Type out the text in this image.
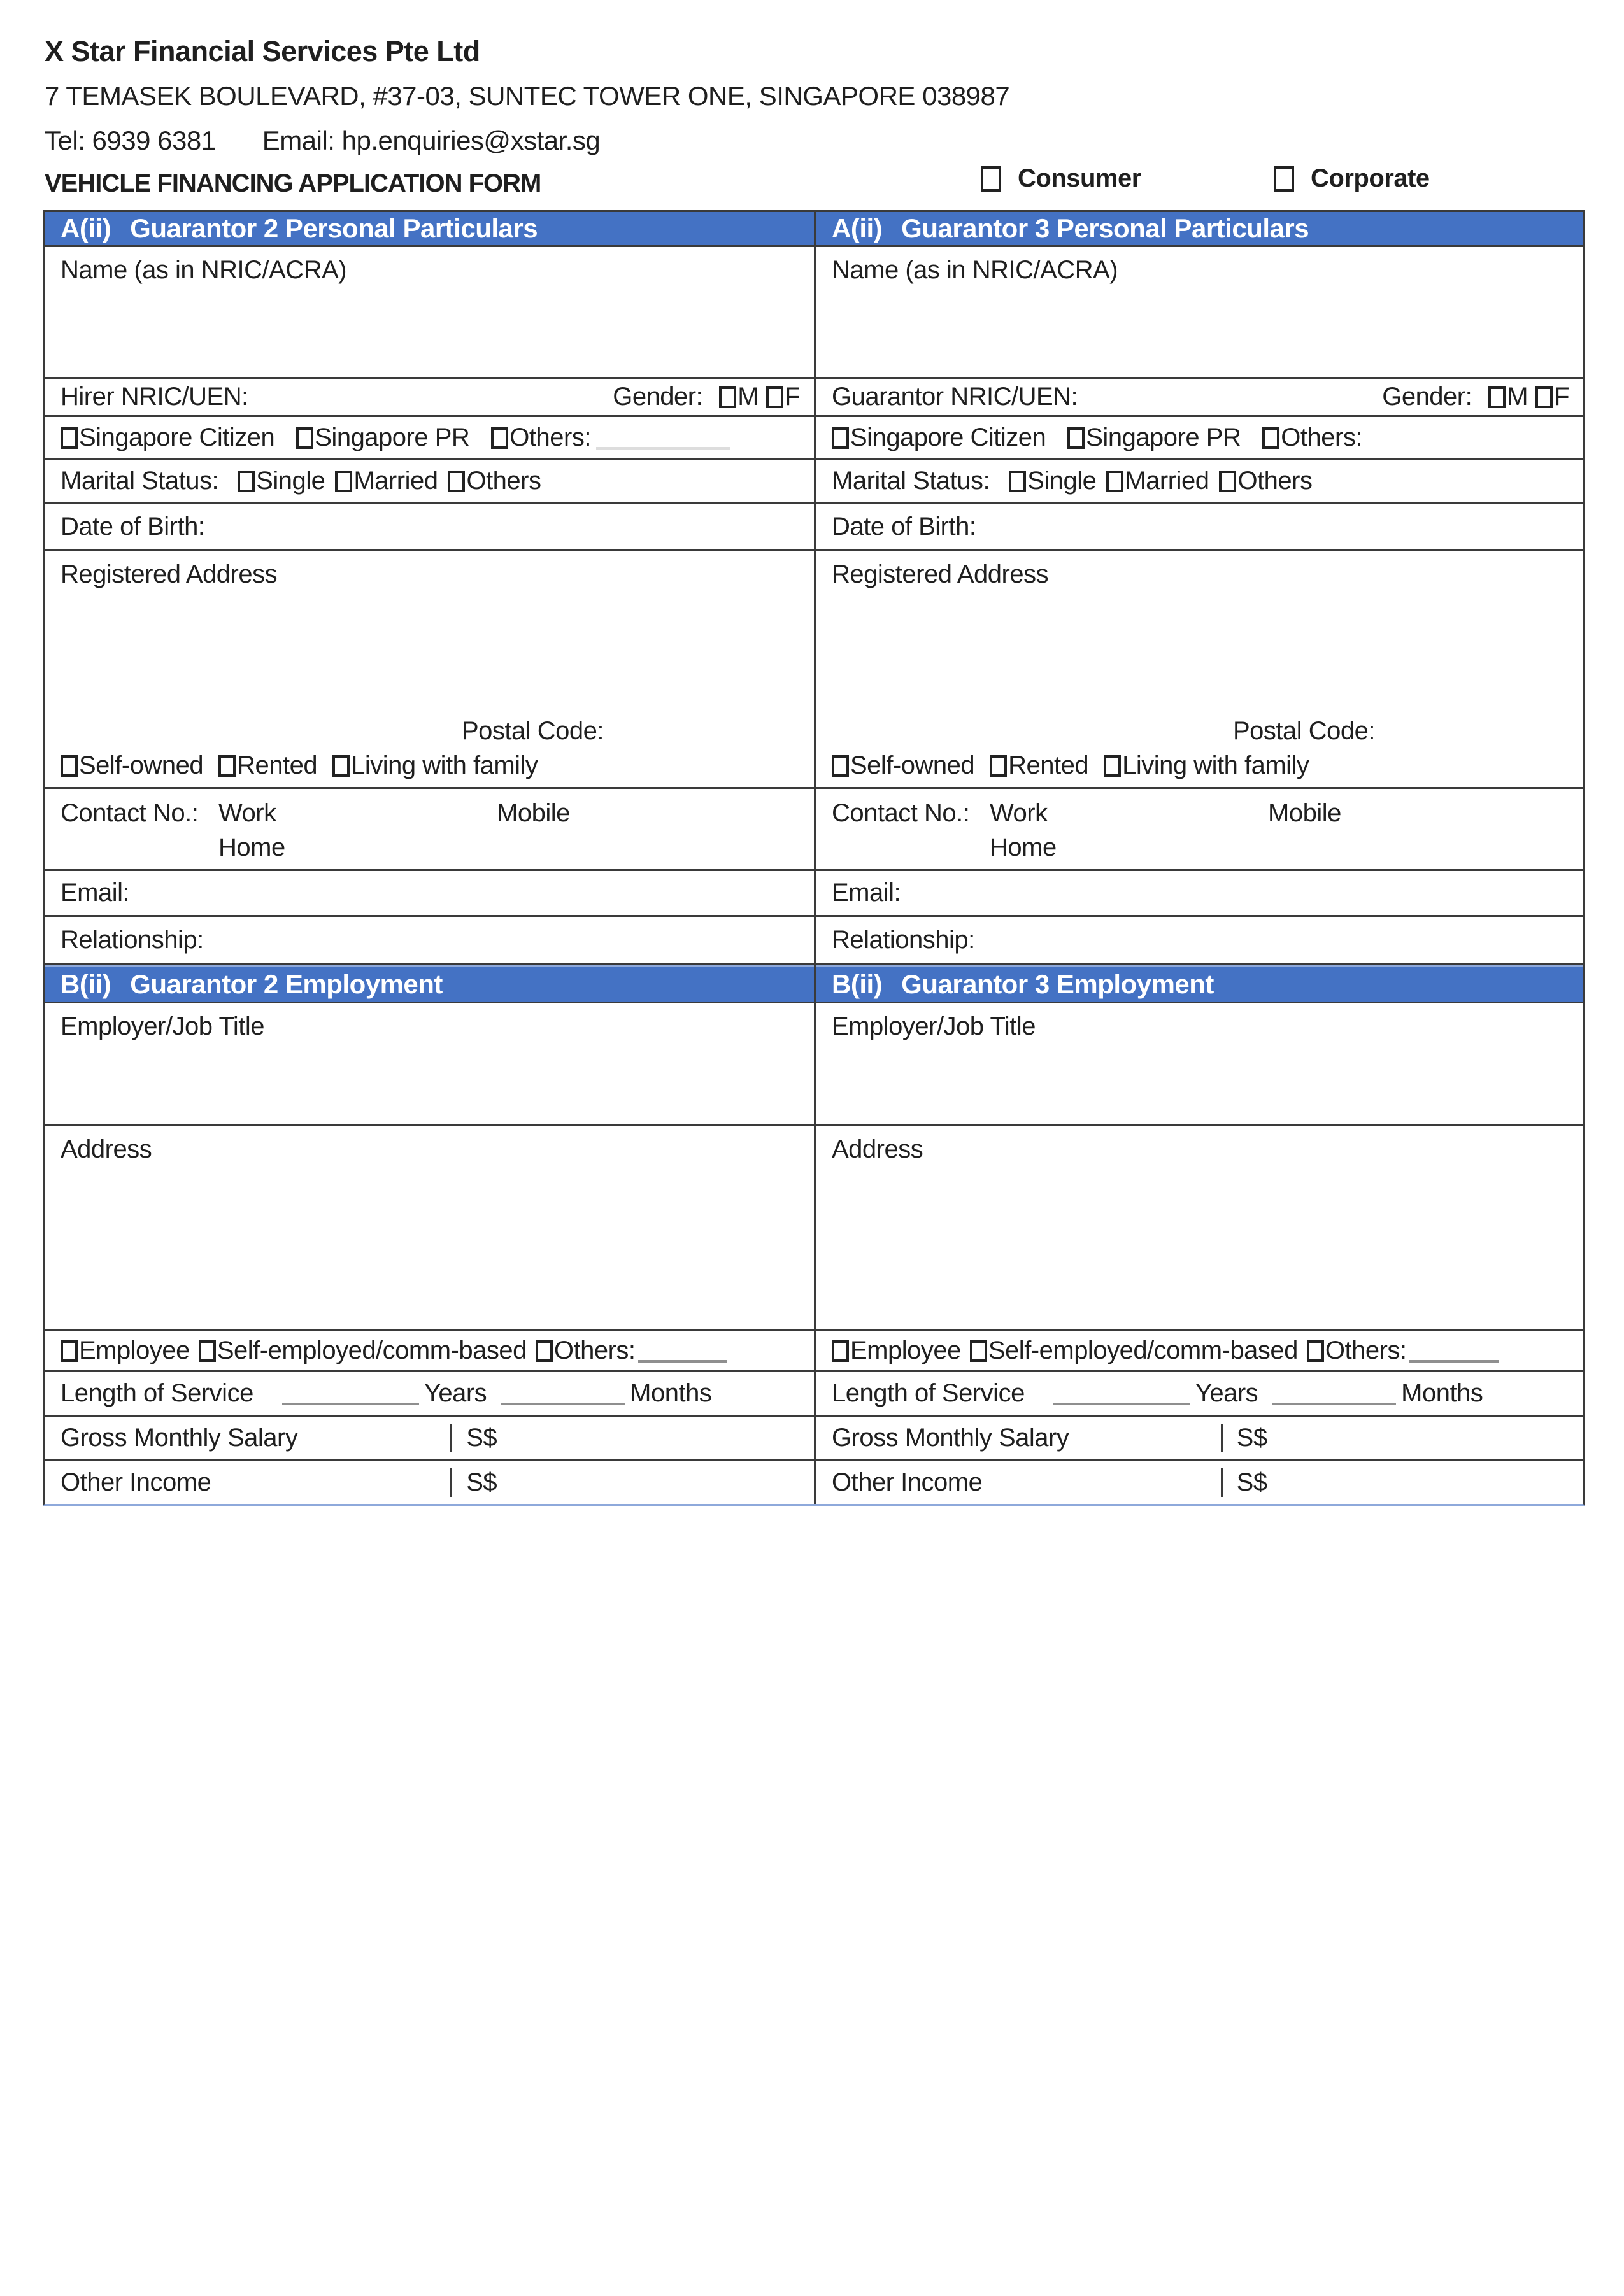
X Star Financial Services Pte Ltd
7 TEMASEK BOULEVARD, #37-03, SUNTEC TOWER ONE, SINGAPORE 038987
Tel: 6939 6381 Email: hp.enquiries@xstar.sg
VEHICLE FINANCING APPLICATION FORM	Consumer	Corporate
A(ii) Guarantor 2 Personal Particulars
Name (as in NRIC/ACRA)
Hirer NRIC/UEN:	Gender: M F
Singapore Citizen Singapore PR Others:
Marital Status: Single Married Others
Date of Birth:
Registered Address
Postal Code:
Self-owned Rented Living with family
Contact No.: Work	Mobile
Home
Email:
Relationship:
B(ii) Guarantor 2 Employment
Employer/Job Title
Address
Employee Self-employed/comm-based Others:
Length of Service	Years	Months
Gross Monthly Salary	S$
Other Income	S$
A(ii) Guarantor 3 Personal Particulars
Name (as in NRIC/ACRA)
Guarantor NRIC/UEN:	Gender: M F
Singapore Citizen Singapore PR Others:
Marital Status: Single Married Others
Date of Birth:
Registered Address
Postal Code:
Self-owned Rented Living with family
Contact No.: Work	Mobile
Home
Email:
Relationship:
B(ii) Guarantor 3 Employment
Employer/Job Title
Address
Employee Self-employed/comm-based Others:
Length of Service	Years	Months
Gross Monthly Salary	S$
Other Income	S$
